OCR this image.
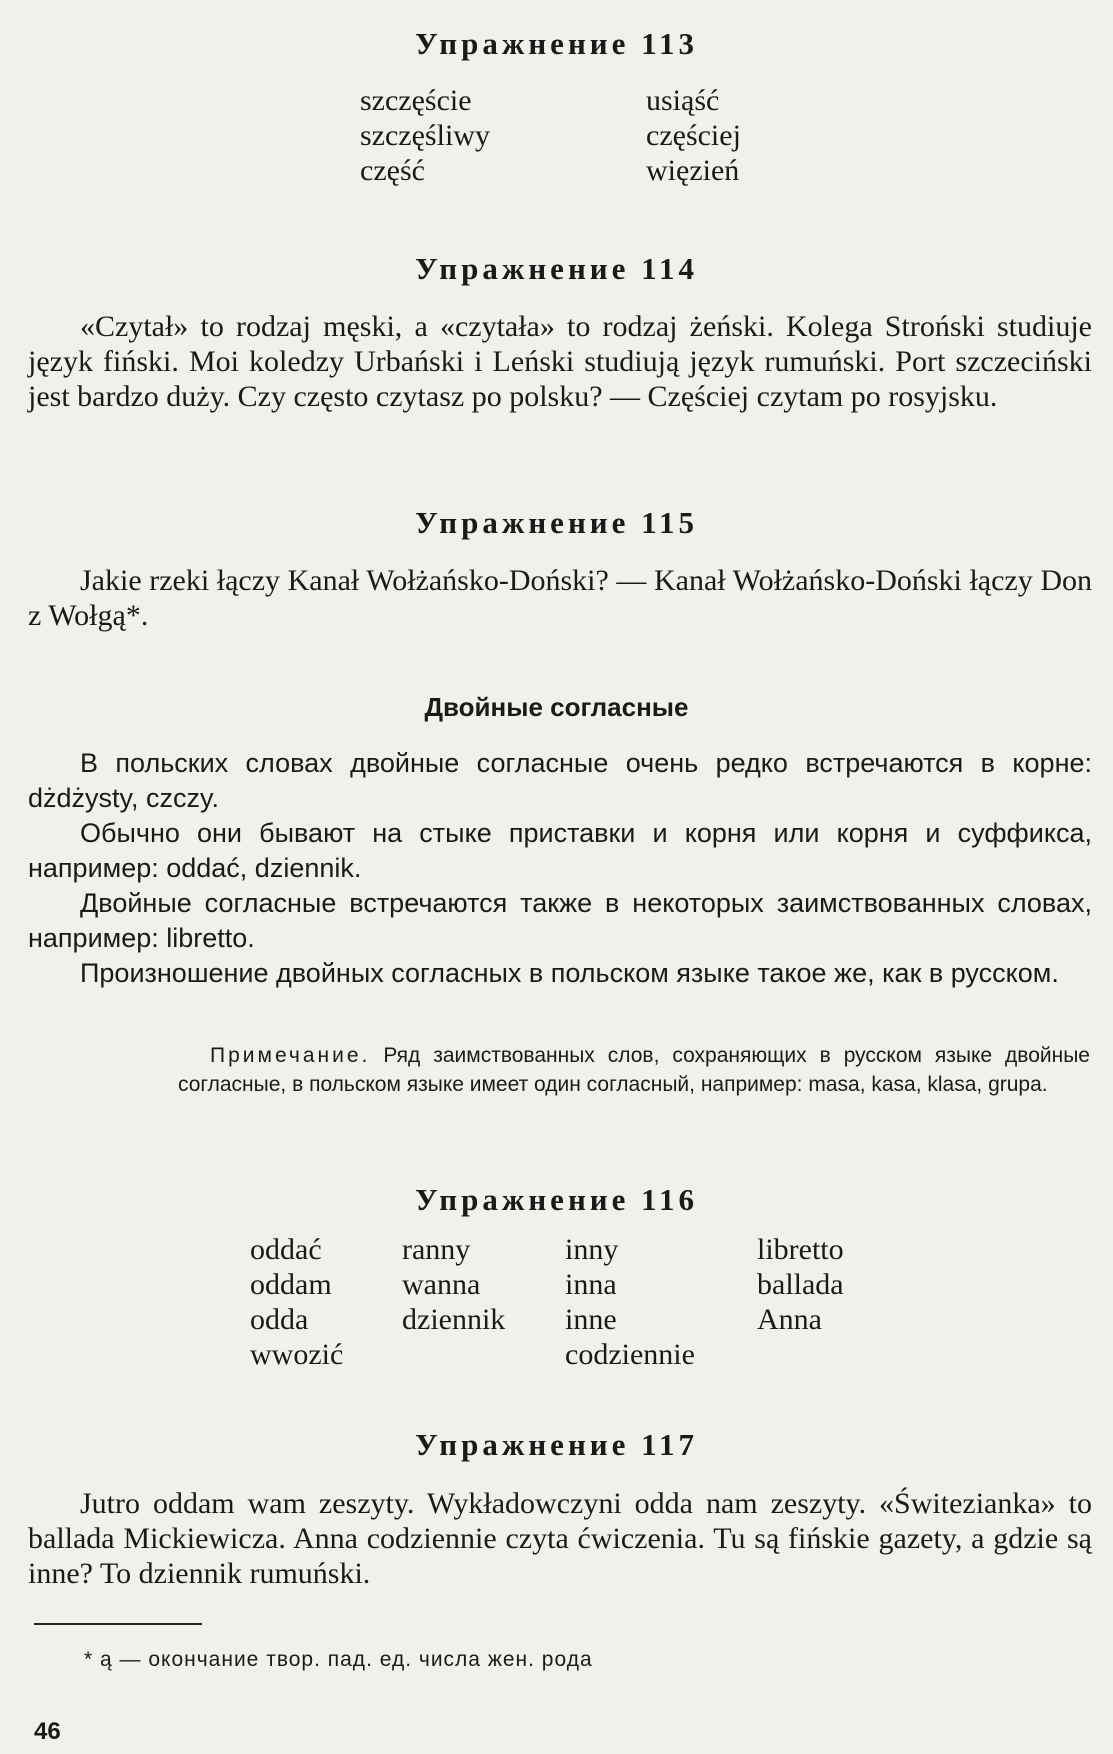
Упражнение 113
szczęście
szczęśliwy
część
usiąść
częściej
więzień
Упражнение 114

«Czytał» to rodzaj męski, a «czytała» to rodzaj żeński. Kolega Stroński studiuje język fiński. Moi koledzy Urbański i Leński studiują język rumuński. Port szczeciński jest bardzo duży. Czy często czytasz po polsku? — Częściej czytam po rosyjsku.

Упражнение 115

Jakie rzeki łączy Kanał Wołżańsko-Doński? — Kanał Wołżańsko-Doński łączy Don z Wołgą*.

Двойные согласные

В польских словах двойные согласные очень редко встречаются в корне: dżdżysty, czczy.

Обычно они бывают на стыке приставки и корня или корня и суффикса, например: oddać, dziennik.

Двойные согласные встречаются также в некоторых заимствованных словах, например: libretto.

Произношение двойных согласных в польском языке такое же, как в русском.

Примечание. Ряд заимствованных слов, сохраняющих в русском языке двойные согласные, в польском языке имеет один согласный, например: masa, kasa, klasa, grupa.

Упражнение 116
oddać
oddam
odda
wwozić
ranny
wanna
dziennik
inny
inna
inne
codziennie
libretto
ballada
Anna
Упражнение 117

Jutro oddam wam zeszyty. Wykładowczyni odda nam zeszyty. «Świtezianka» to ballada Mickiewicza. Anna codziennie czyta ćwiczenia. Tu są fińskie gazety, a gdzie są inne? To dziennik rumuński.

* ą — окончание твор. пад. ед. числа жен. рода
46
